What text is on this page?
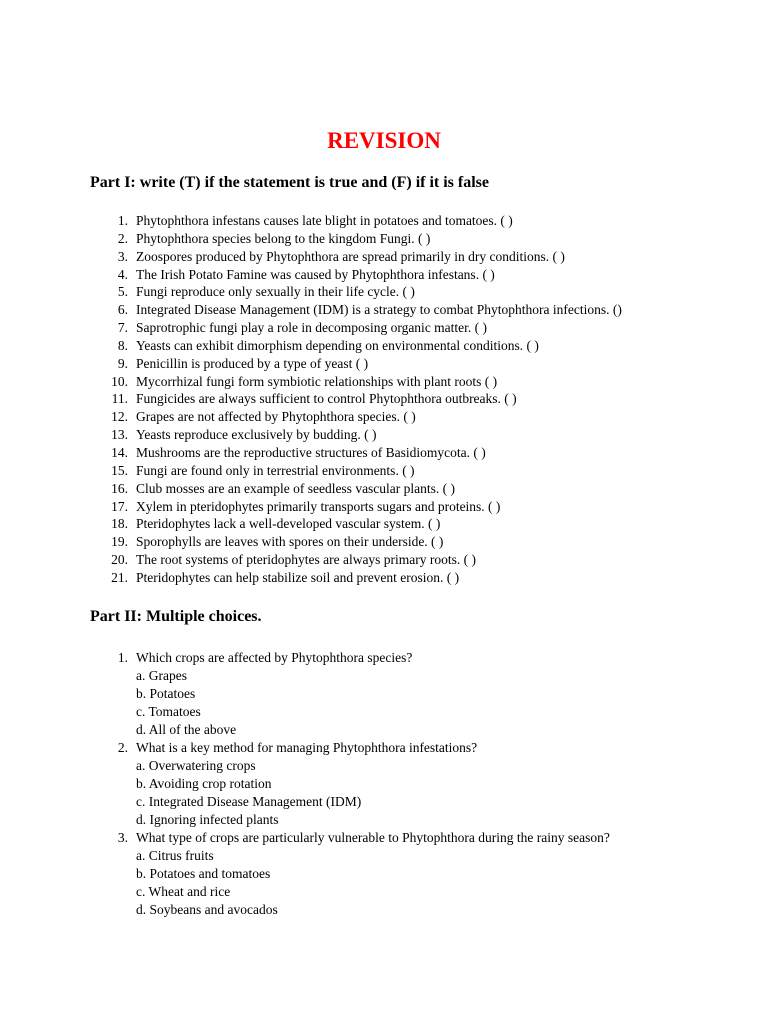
REVISION
Part I: write (T) if the statement is true and (F) if it is false
1. Phytophthora infestans causes late blight in potatoes and tomatoes. ( )
2. Phytophthora species belong to the kingdom Fungi. ( )
3. Zoospores produced by Phytophthora are spread primarily in dry conditions. ( )
4. The Irish Potato Famine was caused by Phytophthora infestans. ( )
5. Fungi reproduce only sexually in their life cycle. ( )
6. Integrated Disease Management (IDM) is a strategy to combat Phytophthora infections. ()
7. Saprotrophic fungi play a role in decomposing organic matter. ( )
8. Yeasts can exhibit dimorphism depending on environmental conditions. ( )
9. Penicillin is produced by a type of yeast ( )
10. Mycorrhizal fungi form symbiotic relationships with plant roots ( )
11. Fungicides are always sufficient to control Phytophthora outbreaks. ( )
12. Grapes are not affected by Phytophthora species. ( )
13. Yeasts reproduce exclusively by budding. ( )
14. Mushrooms are the reproductive structures of Basidiomycota. ( )
15. Fungi are found only in terrestrial environments. ( )
16. Club mosses are an example of seedless vascular plants. ( )
17. Xylem in pteridophytes primarily transports sugars and proteins. ( )
18. Pteridophytes lack a well-developed vascular system. ( )
19. Sporophylls are leaves with spores on their underside. ( )
20. The root systems of pteridophytes are always primary roots. ( )
21. Pteridophytes can help stabilize soil and prevent erosion. ( )
Part II: Multiple choices.
1. Which crops are affected by Phytophthora species?
a. Grapes
b. Potatoes
c. Tomatoes
d. All of the above
2. What is a key method for managing Phytophthora infestations?
a. Overwatering crops
b. Avoiding crop rotation
c. Integrated Disease Management (IDM)
d. Ignoring infected plants
3. What type of crops are particularly vulnerable to Phytophthora during the rainy season?
a. Citrus fruits
b. Potatoes and tomatoes
c. Wheat and rice
d. Soybeans and avocados
